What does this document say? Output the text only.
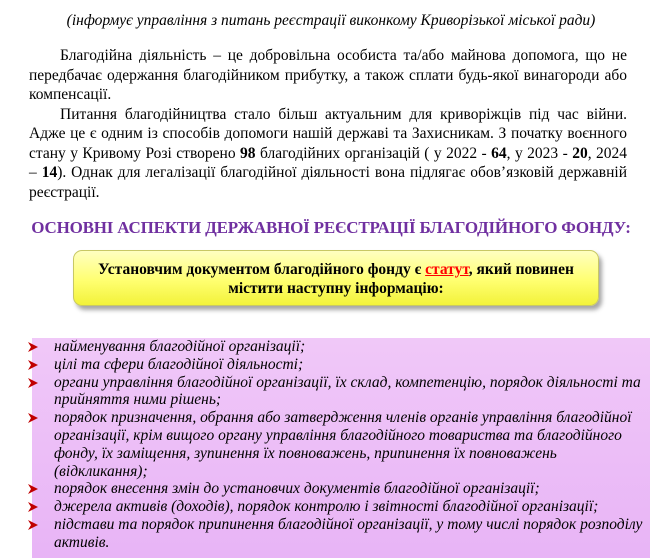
(інформує управління з питань реєстрації виконкому Криворізької міської ради)

Благодійна діяльність – це добровільна особиста та/або майнова допомога, що не передбачає одержання благодійником прибутку, а також сплати будь-якої винагороди або компенсації.

Питання благодійництва стало більш актуальним для криворіжців під час війни. Адже це є одним із способів допомоги нашій державі та Захисникам. З початку воєнного стану у Кривому Розі створено 98 благодійних організацій ( у 2022 - 64, у 2023 - 20, 2024 – 14). Однак для легалізації благодійної діяльності вона підлягає обов’язковій державній реєстрації.

ОСНОВНІ АСПЕКТИ ДЕРЖАВНОЇ РЕЄСТРАЦІЇ БЛАГОДІЙНОГО ФОНДУ:
Установчим документом благодійного фонду є статут, який повинен містити наступну інформацію:
найменування благодійної організації;
цілі та сфери благодійної діяльності;
органи управління благодійної організації, їх склад, компетенцію, порядок діяльності та прийняття ними рішень;
порядок призначення, обрання або затвердження членів органів управління благодійної організації, крім вищого органу управління благодійного товариства та благодійного фонду, їх заміщення, зупинення їх повноважень, припинення їх повноважень (відкликання);
порядок внесення змін до установчих документів благодійної організації;
джерела активів (доходів), порядок контролю і звітності благодійної організації;
підстави та порядок припинення благодійної організації, у тому числі порядок розподілу активів.
